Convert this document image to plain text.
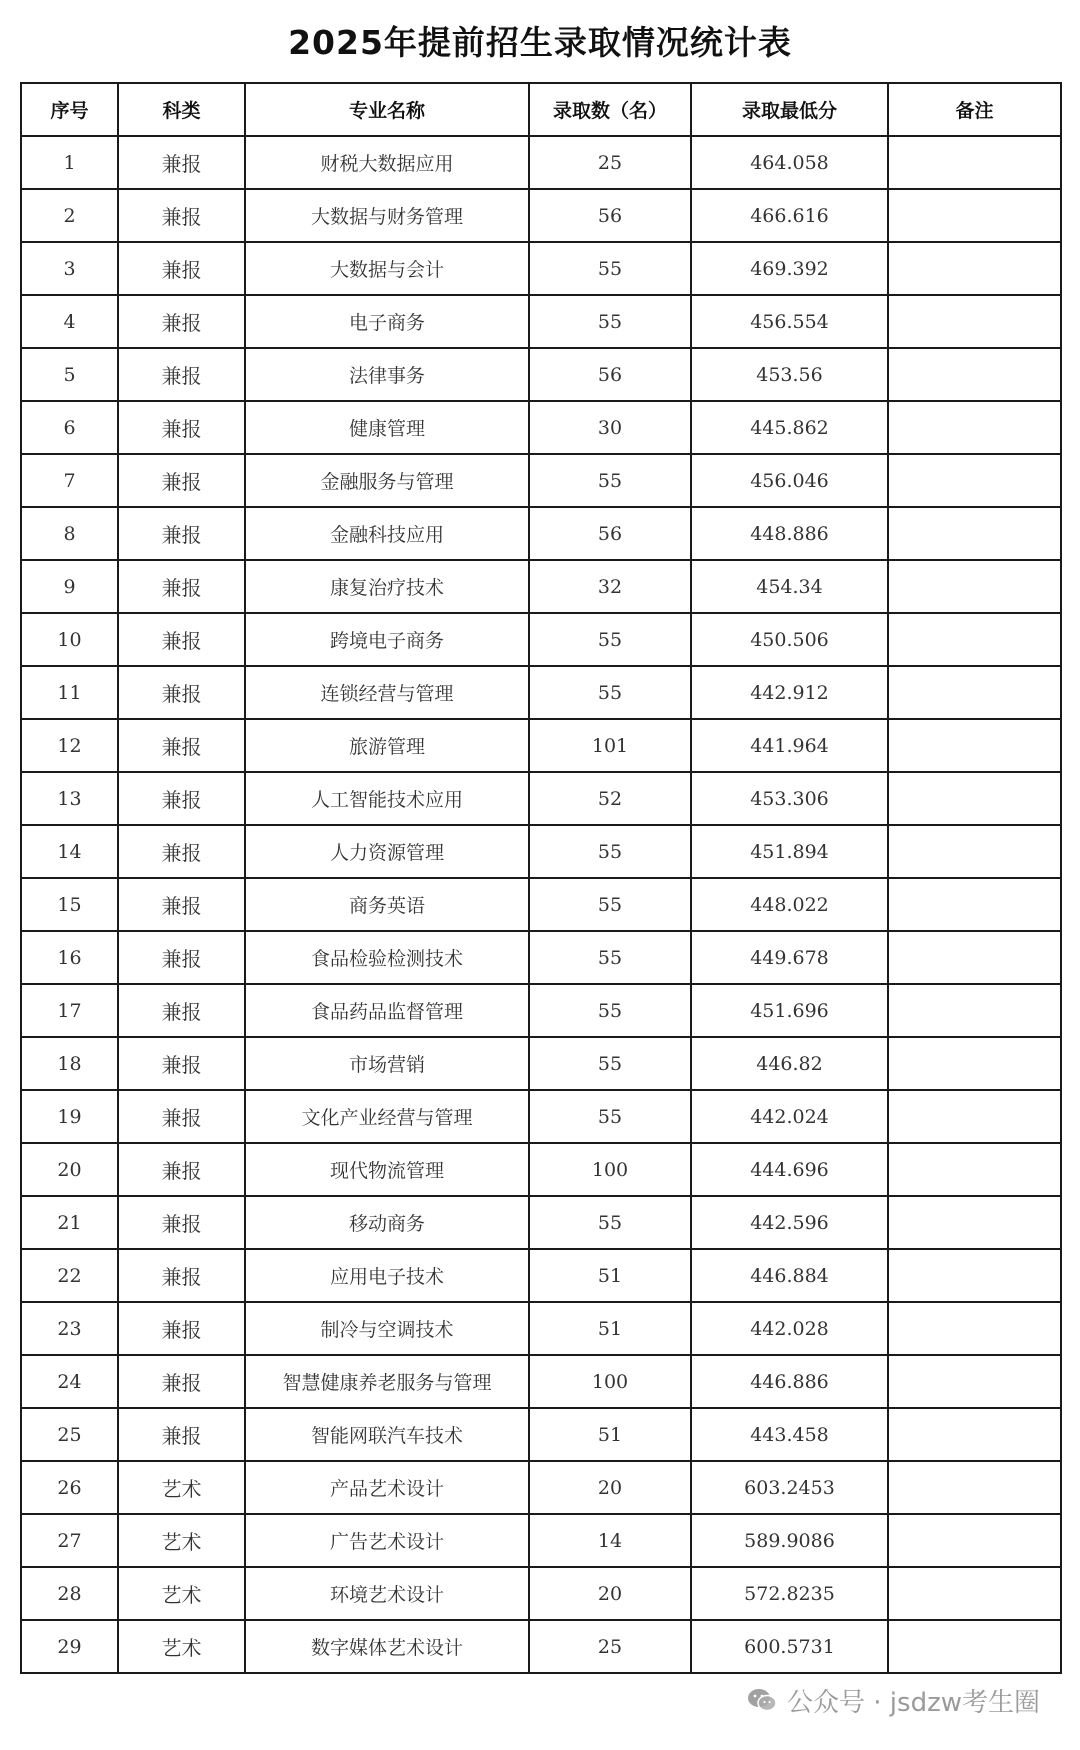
2025年提前招生录取情况统计表
序号	科类	专业名称	录取数（名）	录取最低分	备注
1	兼报	财税大数据应用	25	464.058	
2	兼报	大数据与财务管理	56	466.616	
3	兼报	大数据与会计	55	469.392	
4	兼报	电子商务	55	456.554	
5	兼报	法律事务	56	453.56	
6	兼报	健康管理	30	445.862	
7	兼报	金融服务与管理	55	456.046	
8	兼报	金融科技应用	56	448.886	
9	兼报	康复治疗技术	32	454.34	
10	兼报	跨境电子商务	55	450.506	
11	兼报	连锁经营与管理	55	442.912	
12	兼报	旅游管理	101	441.964	
13	兼报	人工智能技术应用	52	453.306	
14	兼报	人力资源管理	55	451.894	
15	兼报	商务英语	55	448.022	
16	兼报	食品检验检测技术	55	449.678	
17	兼报	食品药品监督管理	55	451.696	
18	兼报	市场营销	55	446.82	
19	兼报	文化产业经营与管理	55	442.024	
20	兼报	现代物流管理	100	444.696	
21	兼报	移动商务	55	442.596	
22	兼报	应用电子技术	51	446.884	
23	兼报	制冷与空调技术	51	442.028	
24	兼报	智慧健康养老服务与管理	100	446.886	
25	兼报	智能网联汽车技术	51	443.458	
26	艺术	产品艺术设计	20	603.2453	
27	艺术	广告艺术设计	14	589.9086	
28	艺术	环境艺术设计	20	572.8235	
29	艺术	数字媒体艺术设计	25	600.5731	
公众号 · jsdzw考生圈
